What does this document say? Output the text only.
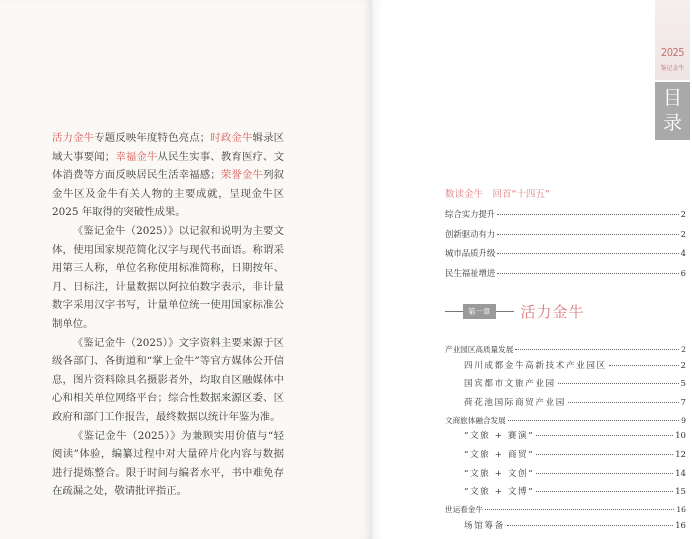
活力金牛专题反映年度特色亮点；时政金牛辑录区域大事要闻；幸福金牛从民生实事、教育医疗、文体消费等方面反映居民生活幸福感；荣誉金牛列叙金牛区及金牛有关人物的主要成就，呈现金牛区 2025 年取得的突破性成果。

《鉴记金牛（2025）》以记叙和说明为主要文体，使用国家规范简化汉字与现代书面语。称谓采用第三人称，单位名称使用标准简称，日期按年、月、日标注，计量数据以阿拉伯数字表示，非计量数字采用汉字书写，计量单位统一使用国家标准公制单位。

《鉴记金牛（2025）》文字资料主要来源于区级各部门、各街道和“掌上金牛”等官方媒体公开信息，图片资料除具名摄影者外，均取自区融媒体中心和相关单位网络平台；综合性数据来源区委、区政府和部门工作报告，最终数据以统计年鉴为准。

《鉴记金牛（2025）》为兼顾实用价值与“轻阅读”体验，编纂过程中对大量碎片化内容与数据进行提炼整合。限于时间与编者水平，书中难免存在疏漏之处，敬请批评指正。

2025
鉴记金牛
目录
数读金牛　回首“十四五”
综合实力提升	2
创新驱动有力	2
城市品质升级	4
民生福祉增进	6
第一章	活力金牛
产业园区高质量发展	2
四川成都金牛高新技术产业园区	2
国宾都市文旅产业园	5
荷花池国际商贸产业园	7
文商旅体融合发展	9
“文旅 + 赛演”	10
“文旅 + 商贸”	12
“文旅 + 文创”	14
“文旅 + 文博”	15
世运看金牛	16
场馆筹备	16
